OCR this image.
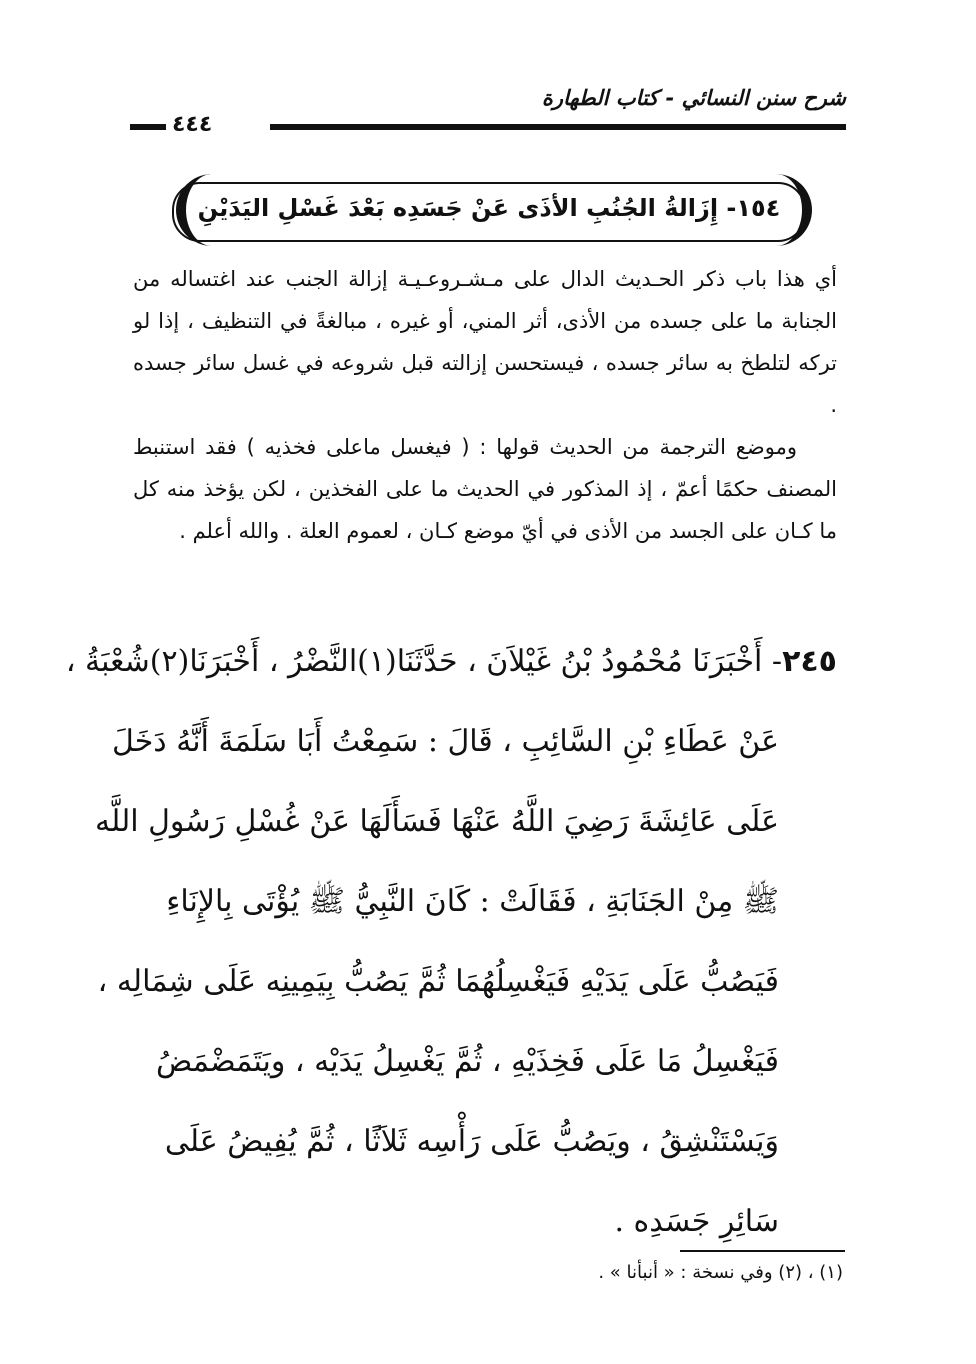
شرح سنن النسائي - كتاب الطهارة
٤٤٤
١٥٤- إِزَالةُ الجُنُبِ الأذَى عَنْ جَسَدِه بَعْدَ غَسْلِ اليَدَيْنِ

أي هذا باب ذكر الحـديث الدال على مـشـروعـيـة إزالة الجنب عند اغتساله من الجنابة ما على جسده من الأذى، أثر المني، أو غيره ، مبالغةً في التنظيف ، إذا لو تركه لتلطخ به سائر جسده ، فيستحسن إزالته قبل شروعه في غسل سائر جسده .

وموضع الترجمة من الحديث قولها : ( فيغسل ماعلى فخذيه ) فقد استنبط المصنف حكمًا أعمّ ، إذ المذكور في الحديث ما على الفخذين ، لكن يؤخذ منه كل ما كـان على الجسد من الأذى في أيّ موضع كـان ، لعموم العلة . والله أعلم .

٢٤٥- أَخْبَرَنَا مُحْمُودُ بْنُ غَيْلاَنَ ، حَدَّثَنَا(١)النَّضْرُ ، أَخْبَرَنَا(٢)شُعْبَةُ ،
عَنْ عَطَاءِ بْنِ السَّائِبِ ، قَالَ : سَمِعْتُ أَبَا سَلَمَةَ أَنَّهُ دَخَلَ
عَلَى عَائِشَةَ رَضِيَ اللَّهُ عَنْهَا فَسَأَلَهَا عَنْ غُسْلِ رَسُولِ اللَّه
ﷺ مِنْ الجَنَابَةِ ، فَقَالَتْ : كَانَ النَّبِيُّ ﷺ يُؤْتَى بِالإِنَاءِ
فَيَصُبُّ عَلَى يَدَيْهِ فَيَغْسِلُهُمَا ثُمَّ يَصُبُّ بِيَمِينِه عَلَى شِمَالِه ،
فَيَغْسِلُ مَا عَلَى فَخِذَيْهِ ، ثُمَّ يَغْسِلُ يَدَيْه ، ويَتَمَضْمَضُ
وَيَسْتَنْشِقُ ، ويَصُبُّ عَلَى رَأْسِه ثَلاَثًا ، ثُمَّ يُفِيضُ عَلَى
سَائِرِ جَسَدِه .
(١) ، (٢) وفي نسخة : « أنبأنا » .
